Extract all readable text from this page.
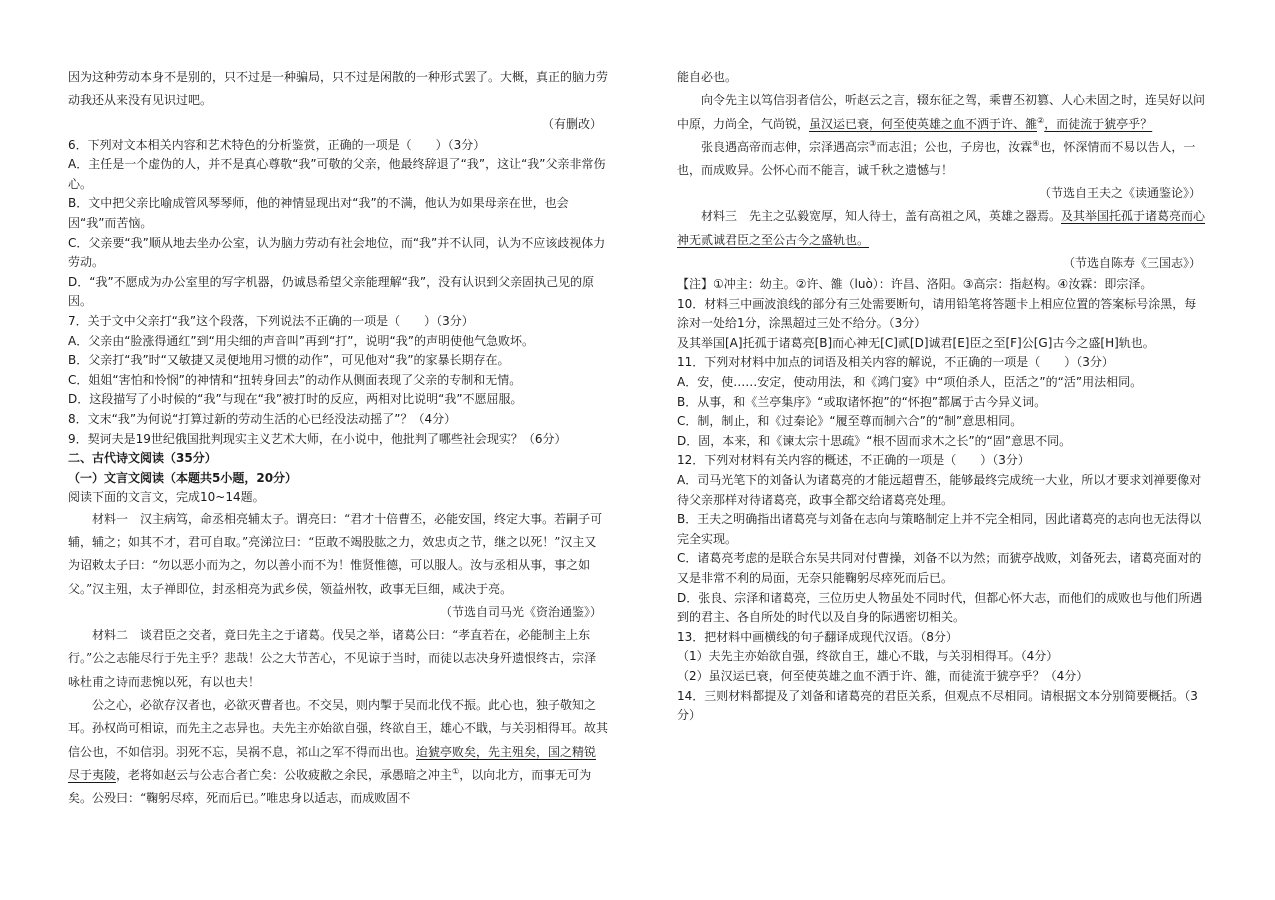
因为这种劳动本身不是别的，只不过是一种骗局，只不过是闲散的一种形式罢了。大概，真正的脑力劳动我还从来没有见识过吧。

（有删改）

6．下列对文本相关内容和艺术特色的分析鉴赏，正确的一项是（　　）（3分）

A．主任是一个虚伪的人，并不是真心尊敬“我”可敬的父亲，他最终辞退了“我”，这让“我”父亲非常伤心。

B．文中把父亲比喻成管风琴琴师，他的神情显现出对“我”的不满，他认为如果母亲在世，也会因“我”而苦恼。

C．父亲要“我”顺从地去坐办公室，认为脑力劳动有社会地位，而“我”并不认同，认为不应该歧视体力劳动。

D．“我”不愿成为办公室里的写字机器，仍诚恳希望父亲能理解“我”，没有认识到父亲固执己见的原因。

7．关于文中父亲打“我”这个段落，下列说法不正确的一项是（　　）（3分）

A．父亲由“脸涨得通红”到“用尖细的声音叫”再到“打”，说明“我”的声明使他气急败坏。

B．父亲打“我”时“又敏捷又灵便地用习惯的动作”，可见他对“我”的家暴长期存在。

C．姐姐“害怕和怜悯”的神情和“扭转身回去”的动作从侧面表现了父亲的专制和无情。

D．这段描写了小时候的“我”与现在“我”被打时的反应，两相对比说明“我”不愿屈服。

8．文末“我”为何说“打算过新的劳动生活的心已经没法动摇了”？（4分）

9．契诃夫是19世纪俄国批判现实主义艺术大师，在小说中，他批判了哪些社会现实？（6分）

二、古代诗文阅读（35分）

（一）文言文阅读（本题共5小题，20分）

阅读下面的文言文，完成10~14题。

材料一　汉主病笃，命丞相亮辅太子。谓亮曰：“君才十倍曹丕，必能安国，终定大事。若嗣子可辅，辅之；如其不才，君可自取。”亮涕泣曰：“臣敢不竭股肱之力，效忠贞之节，继之以死！”汉主又为诏敕太子曰：“勿以恶小而为之，勿以善小而不为！惟贤惟德，可以服人。汝与丞相从事，事之如父。”汉主殂，太子禅即位，封丞相亮为武乡侯，领益州牧，政事无巨细，咸决于亮。

（节选自司马光《资治通鉴》）

材料二　谈君臣之交者，竟曰先主之于诸葛。伐吴之举，诸葛公曰：“孝直若在，必能制主上东行。”公之志能尽行于先主乎？悲哉！公之大节苦心，不见谅于当时，而徒以志决身歼遗恨终古，宗泽咏杜甫之诗而悲惋以死，有以也夫！

公之心，必欲存汉者也，必欲灭曹者也。不交吴，则内掣于吴而北伐不振。此心也，独子敬知之耳。孙权尚可相谅，而先主之志异也。夫先主亦始欲自强，终欲自王，雄心不戢，与关羽相得耳。故其信公也，不如信羽。羽死不忘，吴祸不息，祁山之军不得而出也。迨猇亭败矣，先主殂矣，国之精锐尽于夷陵，老将如赵云与公志合者亡矣：公收疲敝之余民，承愚暗之冲主①，以向北方，而事无可为矣。公殁曰：“鞠躬尽瘁，死而后已。”唯忠身以适志，而成败固不

能自必也。

向令先主以笃信羽者信公，听赵云之言，辍东征之驾，乘曹丕初篡、人心未固之时，连吴好以问中原，力尚全，气尚锐，虽汉运已衰，何至使英雄之血不洒于许、雒②，而徒流于猇亭乎？

张良遇高帝而志伸，宗泽遇高宗③而志沮；公也，子房也，汝霖④也，怀深情而不易以告人，一也，而成败异。公怀心而不能言，诚千秋之遗憾与！

（节选自王夫之《读通鉴论》）

材料三　先主之弘毅宽厚，知人待士，盖有高祖之风，英雄之器焉。及其举国托孤于诸葛亮而心神无贰诚君臣之至公古今之盛轨也。

（节选自陈寿《三国志》）

【注】①冲主：幼主。②许、雒（luò）：许昌、洛阳。③高宗：指赵构。④汝霖：即宗泽。

10．材料三中画波浪线的部分有三处需要断句，请用铅笔将答题卡上相应位置的答案标号涂黑，每涂对一处给1分，涂黑超过三处不给分。（3分）

及其举国[A]托孤于诸葛亮[B]而心神无[C]贰[D]诚君[E]臣之至[F]公[G]古今之盛[H]轨也。

11．下列对材料中加点的词语及相关内容的解说，不正确的一项是（　　）（3分）

A．安，使……安定，使动用法，和《鸿门宴》中“项伯杀人，臣活之”的“活”用法相同。

B．从事，和《兰亭集序》“或取诸怀抱”的“怀抱”都属于古今异义词。

C．制，制止，和《过秦论》“履至尊而制六合”的“制”意思相同。

D．固，本来，和《谏太宗十思疏》“根不固而求木之长”的“固”意思不同。

12．下列对材料有关内容的概述，不正确的一项是（　　）（3分）

A．司马光笔下的刘备认为诸葛亮的才能远超曹丕，能够最终完成统一大业，所以才要求刘禅要像对待父亲那样对待诸葛亮，政事全都交给诸葛亮处理。

B．王夫之明确指出诸葛亮与刘备在志向与策略制定上并不完全相同，因此诸葛亮的志向也无法得以完全实现。

C．诸葛亮考虑的是联合东吴共同对付曹操，刘备不以为然；而猇亭战败，刘备死去，诸葛亮面对的又是非常不利的局面，无奈只能鞠躬尽瘁死而后已。

D．张良、宗泽和诸葛亮，三位历史人物虽处不同时代，但都心怀大志，而他们的成败也与他们所遇到的君主、各自所处的时代以及自身的际遇密切相关。

13．把材料中画横线的句子翻译成现代汉语。（8分）

（1）夫先主亦始欲自强，终欲自王，雄心不戢，与关羽相得耳。（4分）

（2）虽汉运已衰，何至使英雄之血不洒于许、雒，而徒流于猇亭乎？（4分）

14．三则材料都提及了刘备和诸葛亮的君臣关系，但观点不尽相同。请根据文本分别简要概括。（3分）
